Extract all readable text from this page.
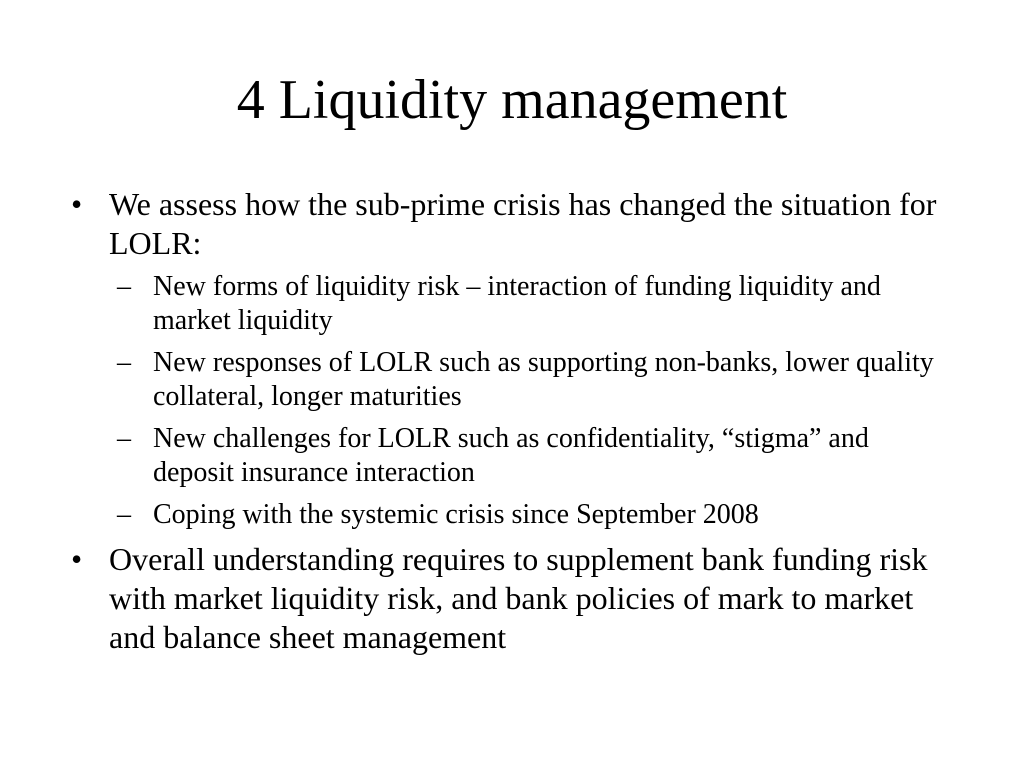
4 Liquidity management
• We assess how the sub-prime crisis has changed the situation for LOLR:
– New forms of liquidity risk – interaction of funding liquidity and market liquidity
– New responses of LOLR such as supporting non-banks, lower quality collateral, longer maturities
– New challenges for LOLR such as confidentiality, “stigma” and deposit insurance interaction
– Coping with the systemic crisis since September 2008
• Overall understanding requires to supplement bank funding risk with market liquidity risk, and bank policies of mark to market and balance sheet management
